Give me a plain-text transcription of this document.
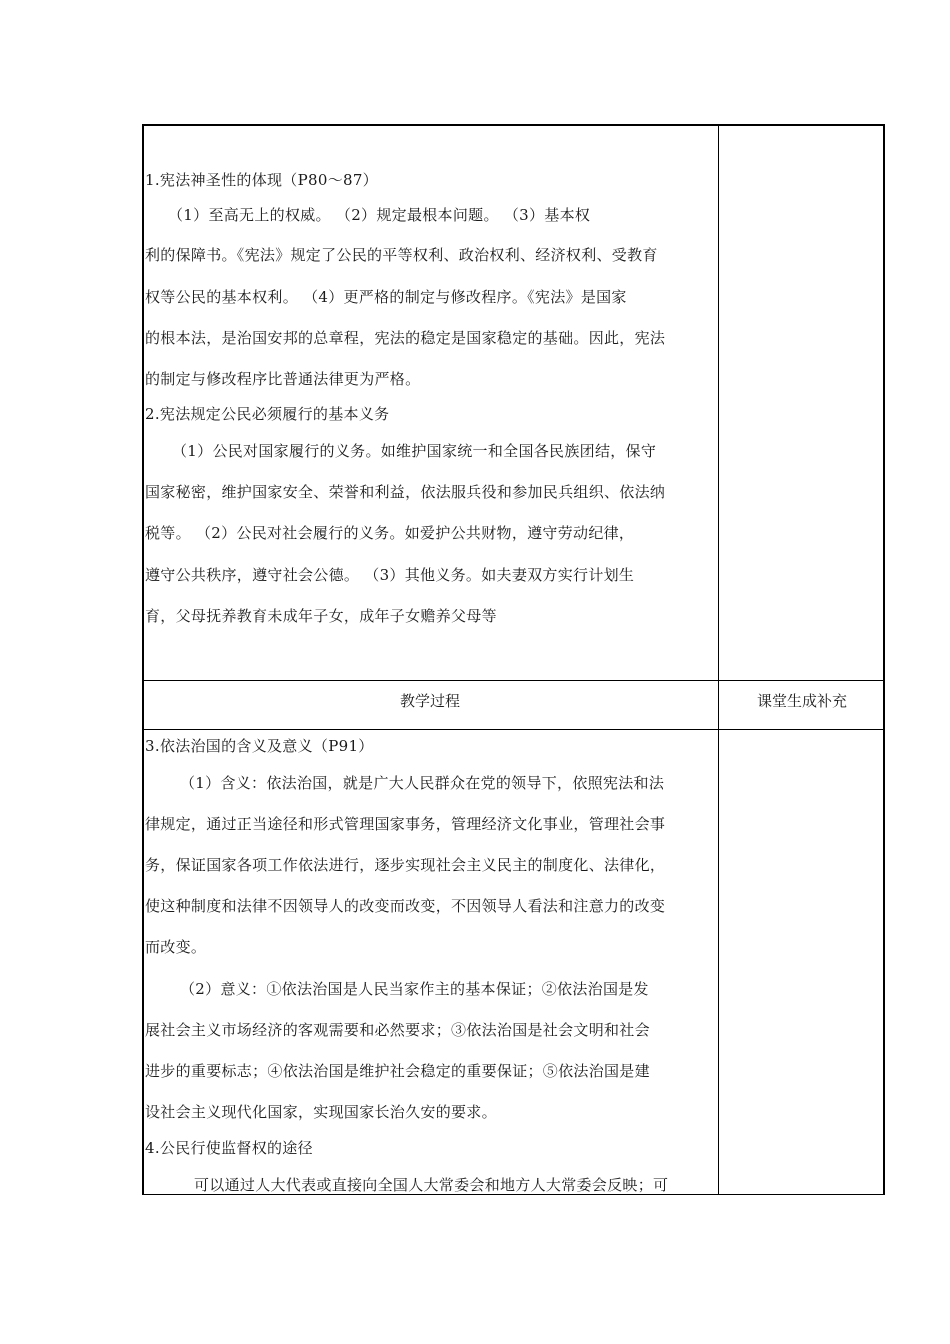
1.宪法神圣性的体现（P80～87）
（1）至高无上的权威。 （2）规定最根本问题。 （3）基本权
利的保障书。《宪法》规定了公民的平等权利、政治权利、经济权利、受教育
权等公民的基本权利。 （4）更严格的制定与修改程序。《宪法》是国家
的根本法，是治国安邦的总章程，宪法的稳定是国家稳定的基础。因此，宪法
的制定与修改程序比普通法律更为严格。
2.宪法规定公民必须履行的基本义务
（1）公民对国家履行的义务。如维护国家统一和全国各民族团结，保守
国家秘密，维护国家安全、荣誉和利益，依法服兵役和参加民兵组织、依法纳
税等。 （2）公民对社会履行的义务。如爱护公共财物，遵守劳动纪律，
遵守公共秩序，遵守社会公德。 （3）其他义务。如夫妻双方实行计划生
育，父母抚养教育未成年子女，成年子女赡养父母等
教学过程	课堂生成补充
3.依法治国的含义及意义（P91）
（1）含义：依法治国，就是广大人民群众在党的领导下，依照宪法和法
律规定，通过正当途径和形式管理国家事务，管理经济文化事业，管理社会事
务，保证国家各项工作依法进行，逐步实现社会主义民主的制度化、法律化，
使这种制度和法律不因领导人的改变而改变，不因领导人看法和注意力的改变
而改变。
（2）意义：①依法治国是人民当家作主的基本保证；②依法治国是发
展社会主义市场经济的客观需要和必然要求；③依法治国是社会文明和社会
进步的重要标志；④依法治国是维护社会稳定的重要保证；⑤依法治国是建
设社会主义现代化国家，实现国家长治久安的要求。
4.公民行使监督权的途径
可以通过人大代表或直接向全国人大常委会和地方人大常委会反映；可
